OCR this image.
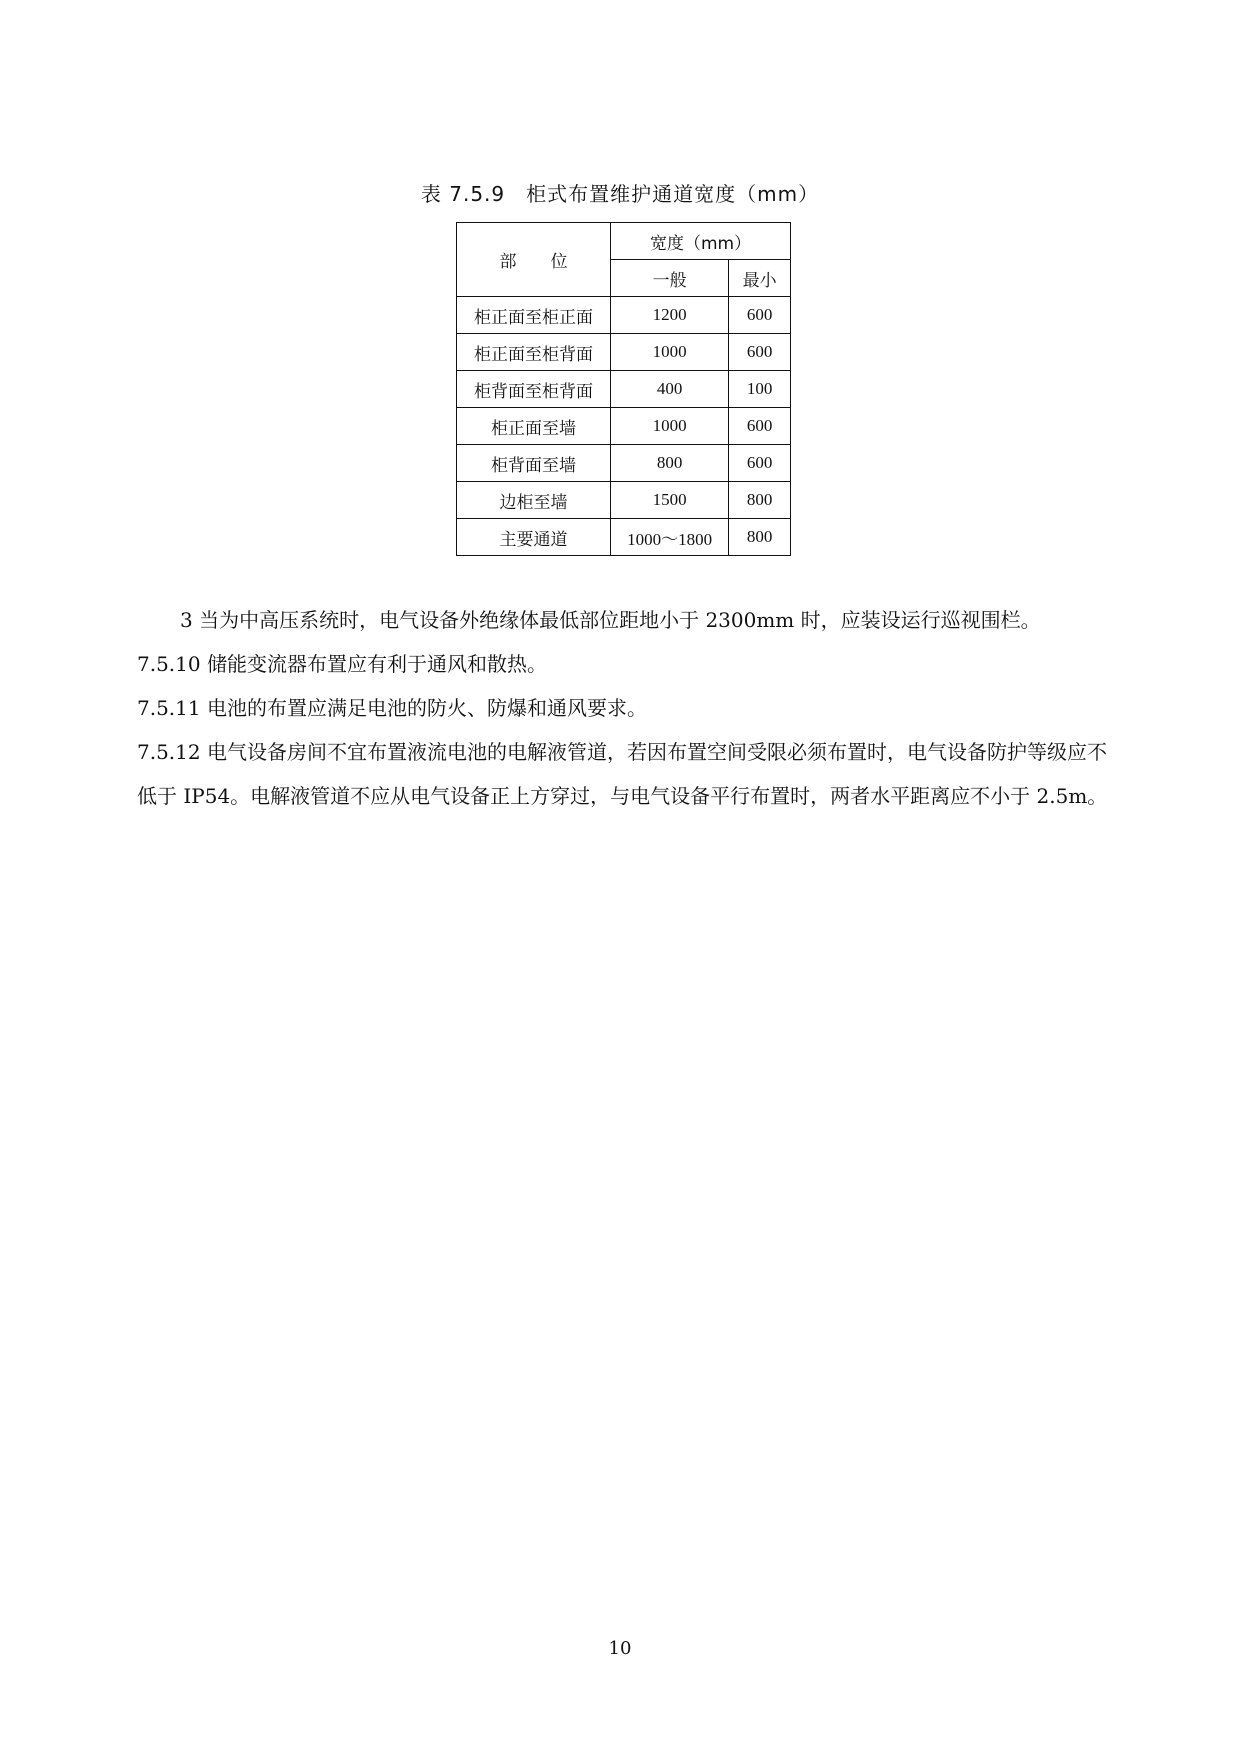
表 7.5.9　柜式布置维护通道宽度（mm）
部　　位	宽度（mm）	
	一般	最小
柜正面至柜正面	1200	600
柜正面至柜背面	1000	600
柜背面至柜背面	400	100
柜正面至墙	1000	600
柜背面至墙	800	600
边柜至墙	1500	800
主要通道	1000～1800	800

3 当为中高压系统时，电气设备外绝缘体最低部位距地小于 2300mm 时，应装设运行巡视围栏。

7.5.10 储能变流器布置应有利于通风和散热。

7.5.11 电池的布置应满足电池的防火、防爆和通风要求。

7.5.12 电气设备房间不宜布置液流电池的电解液管道，若因布置空间受限必须布置时，电气设备防护等级应不低于 IP54。电解液管道不应从电气设备正上方穿过，与电气设备平行布置时，两者水平距离应不小于 2.5m。

10
